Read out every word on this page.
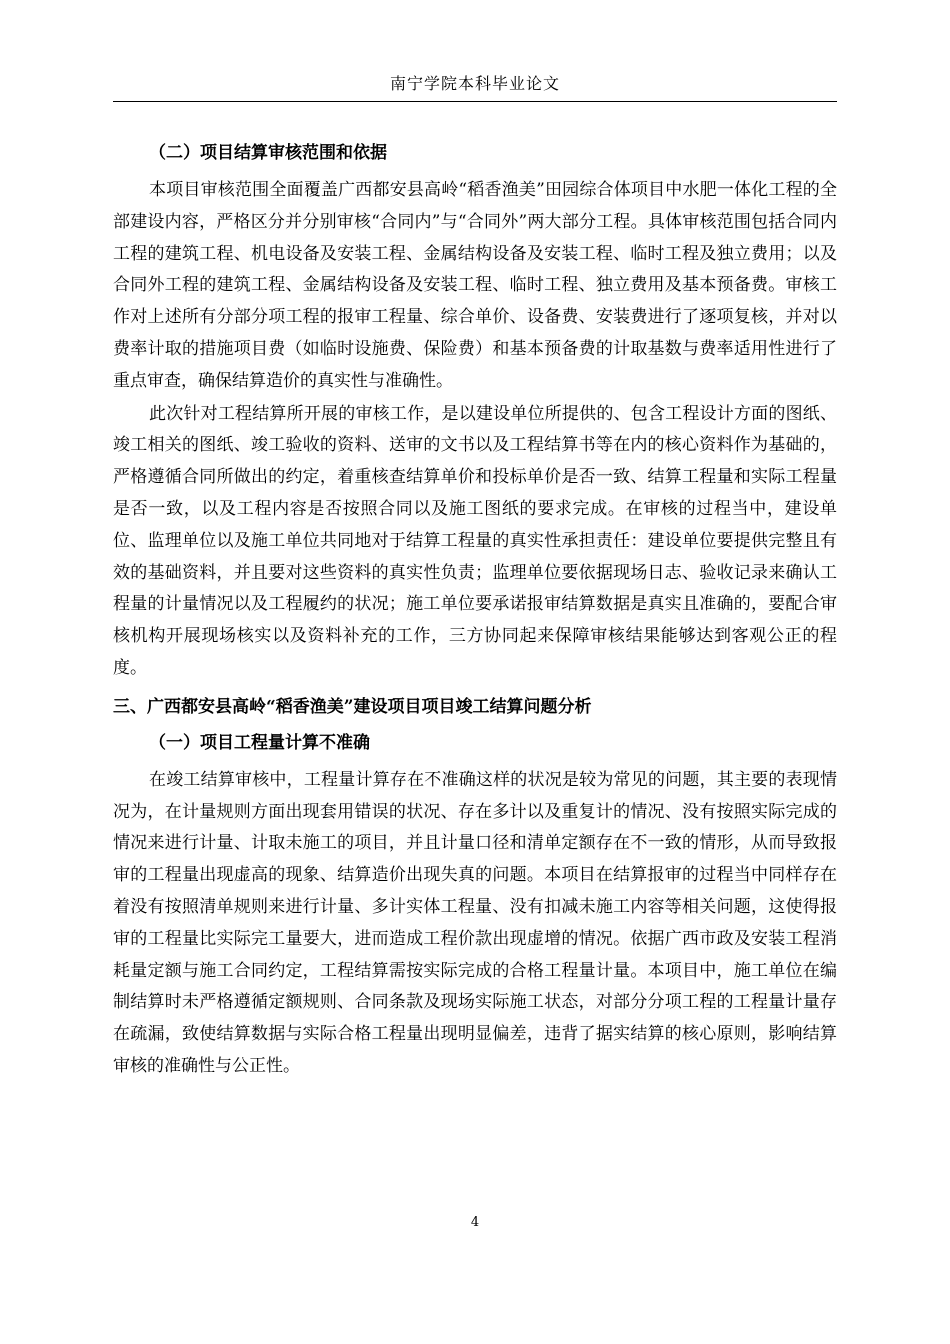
南宁学院本科毕业论文
（二）项目结算审核范围和依据

本项目审核范围全面覆盖广西都安县高岭“稻香渔美”田园综合体项目中水肥一体化工程的全部建设内容，严格区分并分别审核“合同内”与“合同外”两大部分工程。具体审核范围包括合同内工程的建筑工程、机电设备及安装工程、金属结构设备及安装工程、临时工程及独立费用；以及合同外工程的建筑工程、金属结构设备及安装工程、临时工程、独立费用及基本预备费。审核工作对上述所有分部分项工程的报审工程量、综合单价、设备费、安装费进行了逐项复核，并对以费率计取的措施项目费（如临时设施费、保险费）和基本预备费的计取基数与费率适用性进行了重点审查，确保结算造价的真实性与准确性。

此次针对工程结算所开展的审核工作，是以建设单位所提供的、包含工程设计方面的图纸、竣工相关的图纸、竣工验收的资料、送审的文书以及工程结算书等在内的核心资料作为基础的，严格遵循合同所做出的约定，着重核查结算单价和投标单价是否一致、结算工程量和实际工程量是否一致，以及工程内容是否按照合同以及施工图纸的要求完成。在审核的过程当中，建设单位、监理单位以及施工单位共同地对于结算工程量的真实性承担责任：建设单位要提供完整且有效的基础资料，并且要对这些资料的真实性负责；监理单位要依据现场日志、验收记录来确认工程量的计量情况以及工程履约的状况；施工单位要承诺报审结算数据是真实且准确的，要配合审核机构开展现场核实以及资料补充的工作，三方协同起来保障审核结果能够达到客观公正的程度。

三、广西都安县高岭“稻香渔美”建设项目项目竣工结算问题分析
（一）项目工程量计算不准确

在竣工结算审核中，工程量计算存在不准确这样的状况是较为常见的问题，其主要的表现情况为，在计量规则方面出现套用错误的状况、存在多计以及重复计的情况、没有按照实际完成的情况来进行计量、计取未施工的项目，并且计量口径和清单定额存在不一致的情形，从而导致报审的工程量出现虚高的现象、结算造价出现失真的问题。本项目在结算报审的过程当中同样存在着没有按照清单规则来进行计量、多计实体工程量、没有扣减未施工内容等相关问题，这使得报审的工程量比实际完工量要大，进而造成工程价款出现虚增的情况。依据广西市政及安装工程消耗量定额与施工合同约定，工程结算需按实际完成的合格工程量计量。本项目中，施工单位在编制结算时未严格遵循定额规则、合同条款及现场实际施工状态，对部分分项工程的工程量计量存在疏漏，致使结算数据与实际合格工程量出现明显偏差，违背了据实结算的核心原则，影响结算审核的准确性与公正性。

4
